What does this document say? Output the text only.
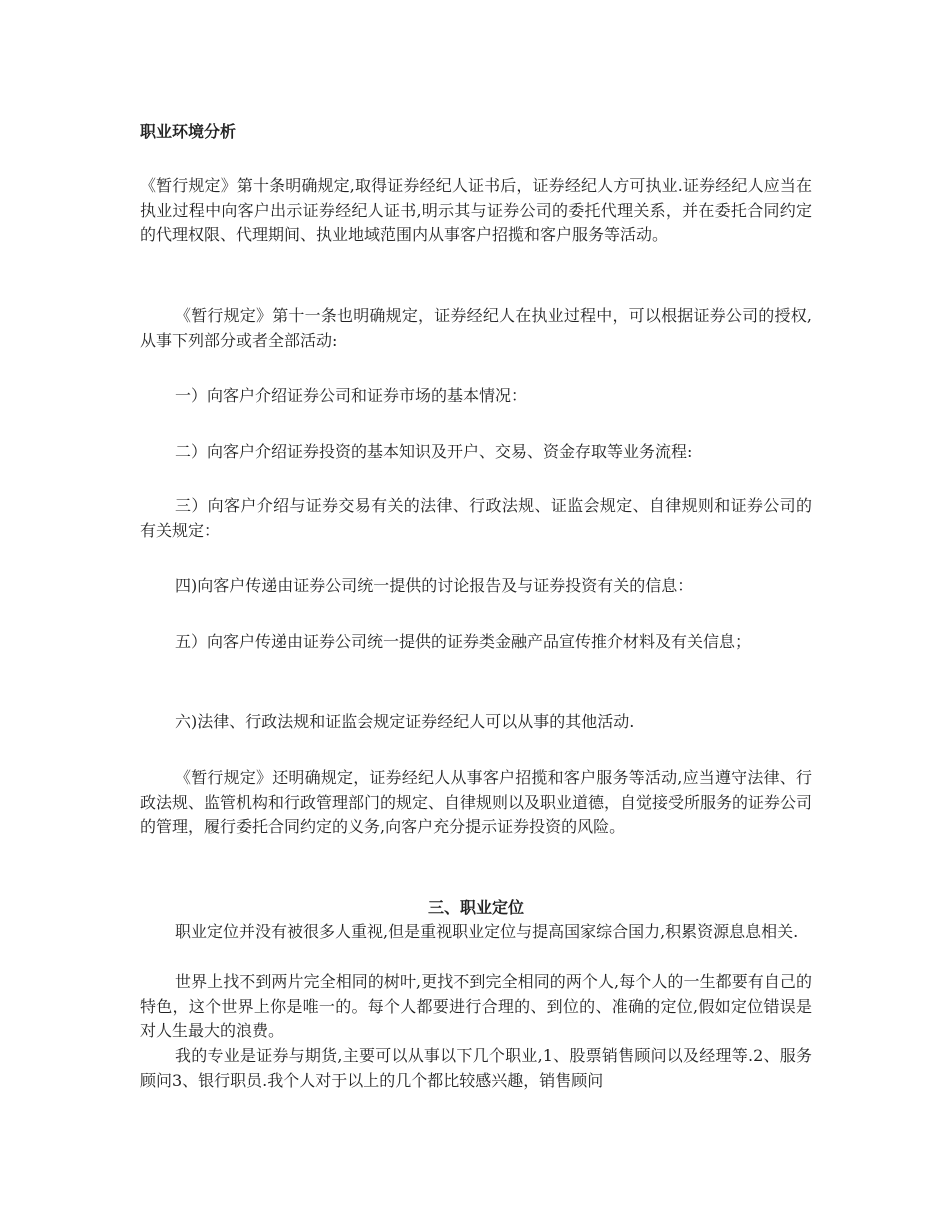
职业环境分析

《暂行规定》第十条明确规定,取得证券经纪人证书后，证券经纪人方可执业.证券经纪人应当在执业过程中向客户出示证券经纪人证书,明示其与证券公司的委托代理关系，并在委托合同约定的代理权限、代理期间、执业地域范围内从事客户招揽和客户服务等活动。

《暂行规定》第十一条也明确规定，证券经纪人在执业过程中，可以根据证券公司的授权,从事下列部分或者全部活动:

一）向客户介绍证券公司和证券市场的基本情况：

二）向客户介绍证券投资的基本知识及开户、交易、资金存取等业务流程:

三）向客户介绍与证券交易有关的法律、行政法规、证监会规定、自律规则和证券公司的有关规定：

四)向客户传递由证券公司统一提供的讨论报告及与证券投资有关的信息：

五）向客户传递由证券公司统一提供的证券类金融产品宣传推介材料及有关信息；

六)法律、行政法规和证监会规定证券经纪人可以从事的其他活动.

《暂行规定》还明确规定，证券经纪人从事客户招揽和客户服务等活动,应当遵守法律、行政法规、监管机构和行政管理部门的规定、自律规则以及职业道德，自觉接受所服务的证券公司的管理，履行委托合同约定的义务,向客户充分提示证券投资的风险。

三、职业定位

职业定位并没有被很多人重视,但是重视职业定位与提高国家综合国力,积累资源息息相关.

世界上找不到两片完全相同的树叶,更找不到完全相同的两个人,每个人的一生都要有自己的特色，这个世界上你是唯一的。每个人都要进行合理的、到位的、准确的定位,假如定位错误是对人生最大的浪费。

我的专业是证券与期货,主要可以从事以下几个职业,1、股票销售顾问以及经理等.2、服务顾问3、银行职员.我个人对于以上的几个都比较感兴趣，销售顾问
